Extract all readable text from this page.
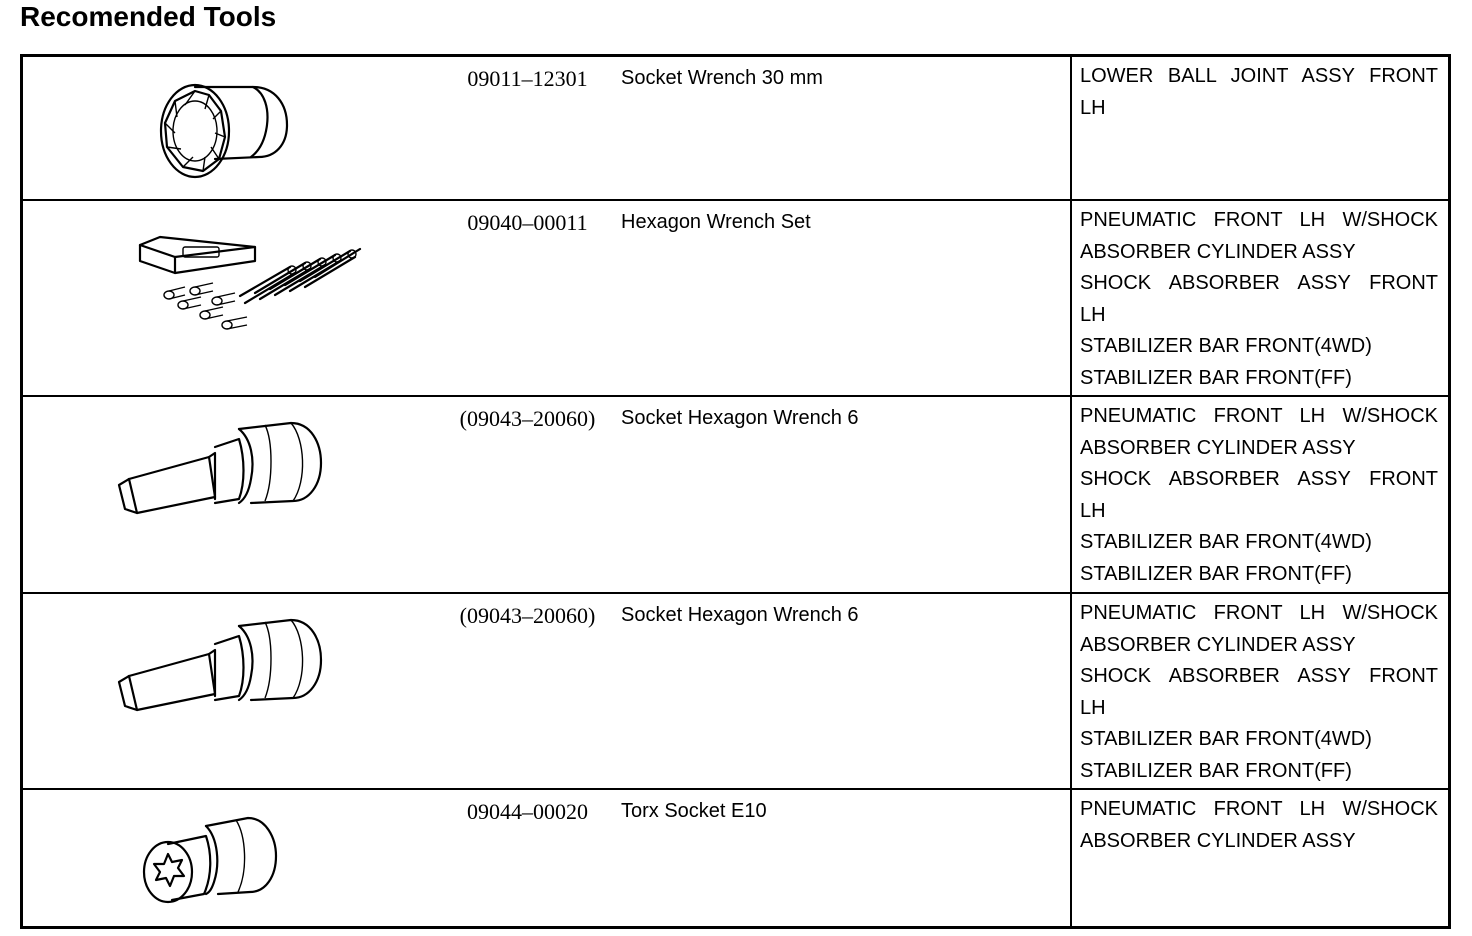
Recomended Tools
09011–12301	Socket Wrench 30 mm	LOWER BALL JOINT ASSY FRONT
LH
09040–00011	Hexagon Wrench Set	PNEUMATIC FRONT LH W/SHOCK
ABSORBER CYLINDER ASSY
SHOCK ABSORBER ASSY FRONT
LH
STABILIZER BAR FRONT(4WD)
STABILIZER BAR FRONT(FF)
(09043–20060)	Socket Hexagon Wrench 6	PNEUMATIC FRONT LH W/SHOCK
ABSORBER CYLINDER ASSY
SHOCK ABSORBER ASSY FRONT
LH
STABILIZER BAR FRONT(4WD)
STABILIZER BAR FRONT(FF)
(09043–20060)	Socket Hexagon Wrench 6	PNEUMATIC FRONT LH W/SHOCK
ABSORBER CYLINDER ASSY
SHOCK ABSORBER ASSY FRONT
LH
STABILIZER BAR FRONT(4WD)
STABILIZER BAR FRONT(FF)
09044–00020	Torx Socket E10	PNEUMATIC FRONT LH W/SHOCK
ABSORBER CYLINDER ASSY
